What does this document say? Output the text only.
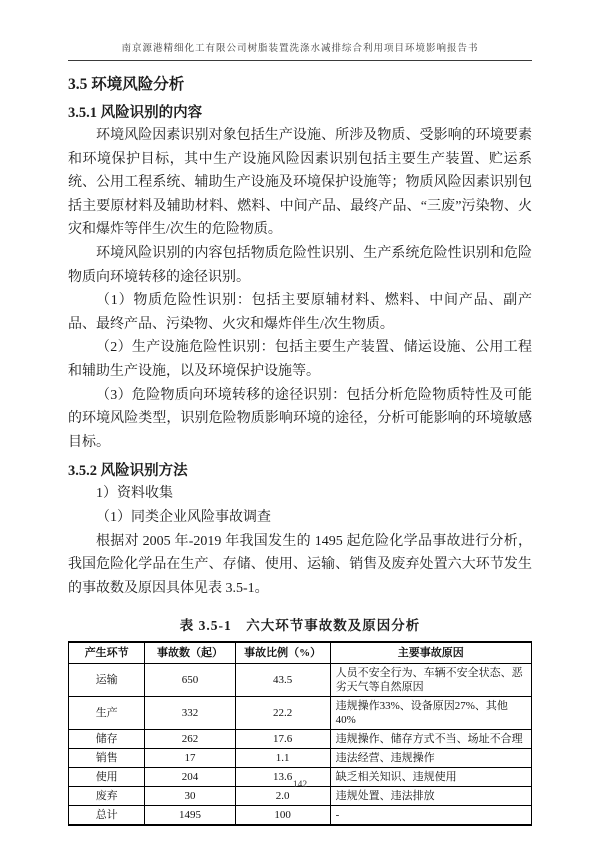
南京源港精细化工有限公司树脂装置洗涤水减排综合利用项目环境影响报告书
3.5 环境风险分析
3.5.1 风险识别的内容

环境风险因素识别对象包括生产设施、所涉及物质、受影响的环境要素和环境保护目标，其中生产设施风险因素识别包括主要生产装置、贮运系统、公用工程系统、辅助生产设施及环境保护设施等；物质风险因素识别包括主要原材料及辅助材料、燃料、中间产品、最终产品、“三废”污染物、火灾和爆炸等伴生/次生的危险物质。

环境风险识别的内容包括物质危险性识别、生产系统危险性识别和危险物质向环境转移的途径识别。

（1）物质危险性识别：包括主要原辅材料、燃料、中间产品、副产品、最终产品、污染物、火灾和爆炸伴生/次生物质。

（2）生产设施危险性识别：包括主要生产装置、储运设施、公用工程和辅助生产设施，以及环境保护设施等。

（3）危险物质向环境转移的途径识别：包括分析危险物质特性及可能的环境风险类型，识别危险物质影响环境的途径，分析可能影响的环境敏感目标。

3.5.2 风险识别方法

1）资料收集

（1）同类企业风险事故调查

根据对 2005 年-2019 年我国发生的 1495 起危险化学品事故进行分析，我国危险化学品在生产、存储、使用、运输、销售及废弃处置六大环节发生的事故数及原因具体见表 3.5-1。

表 3.5-1　六大环节事故数及原因分析
产生环节	事故数（起）	事故比例（%）	主要事故原因
运输	650	43.5	人员不安全行为、车辆不安全状态、恶劣天气等自然原因
生产	332	22.2	违规操作33%、设备原因27%、其他40%
储存	262	17.6	违规操作、储存方式不当、场址不合理
销售	17	1.1	违法经营、违规操作
使用	204	13.6	缺乏相关知识、违规使用
废弃	30	2.0	违规处置、违法排放
总计	1495	100	-
142
